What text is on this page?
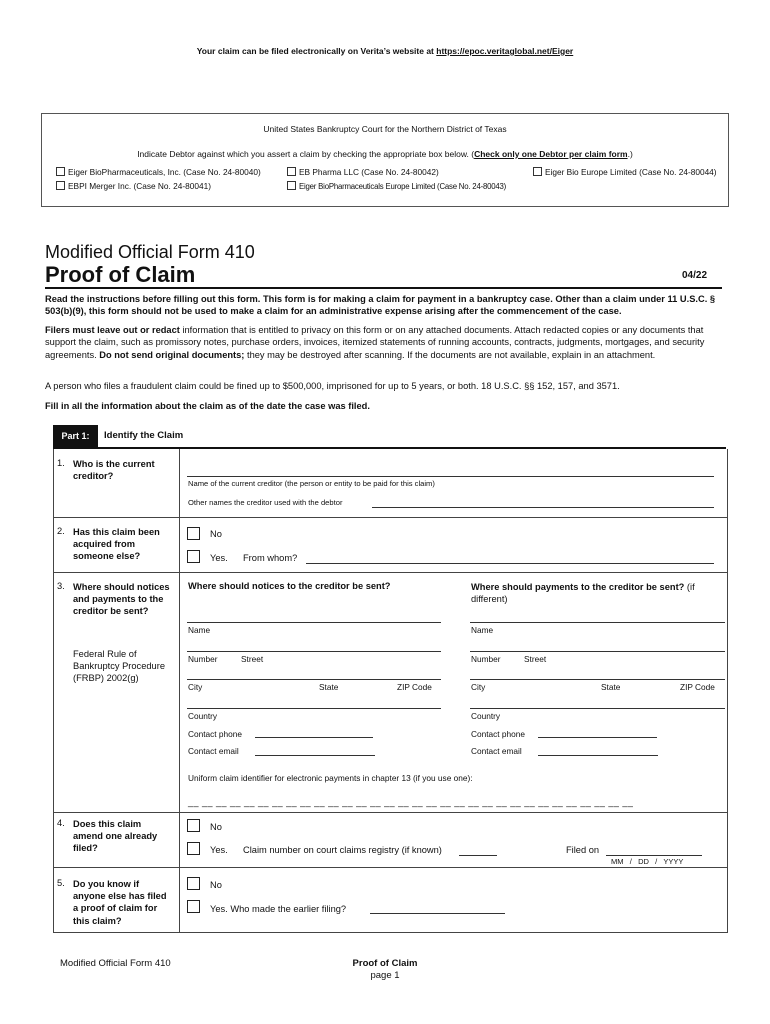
Your claim can be filed electronically on Verita’s website at https://epoc.veritaglobal.net/Eiger
United States Bankruptcy Court for the Northern District of Texas
Indicate Debtor against which you assert a claim by checking the appropriate box below. (Check only one Debtor per claim form.)
Eiger BioPharmaceuticals, Inc. (Case No. 24-80040)	EB Pharma LLC (Case No. 24-80042)	Eiger Bio Europe Limited (Case No. 24-80044)
EBPI Merger Inc. (Case No. 24-80041)	Eiger BioPharmaceuticals Europe Limited (Case No. 24-80043)
Modified Official Form 410
Proof of Claim	04/22
Read the instructions before filling out this form. This form is for making a claim for payment in a bankruptcy case. Other than a claim under 11 U.S.C. § 503(b)(9), this form should not be used to make a claim for an administrative expense arising after the commencement of the case.
Filers must leave out or redact information that is entitled to privacy on this form or on any attached documents. Attach redacted copies or any documents that support the claim, such as promissory notes, purchase orders, invoices, itemized statements of running accounts, contracts, judgments, mortgages, and security agreements. Do not send original documents; they may be destroyed after scanning. If the documents are not available, explain in an attachment.
A person who files a fraudulent claim could be fined up to $500,000, imprisoned for up to 5 years, or both. 18 U.S.C. §§ 152, 157, and 3571.
Fill in all the information about the claim as of the date the case was filed.
Part 1:	Identify the Claim
1. Who is the current creditor?
Name of the current creditor (the person or entity to be paid for this claim)
Other names the creditor used with the debtor
2. Has this claim been acquired from someone else?
No
Yes. From whom?
3. Where should notices and payments to the creditor be sent?
Federal Rule of Bankruptcy Procedure (FRBP) 2002(g)
Where should notices to the creditor be sent?	Where should payments to the creditor be sent? (if different)
Name
Number	Street
City	State	ZIP Code
Country
Contact phone
Contact email
Name
Number	Street
City	State	ZIP Code
Country
Contact phone
Contact email
Uniform claim identifier for electronic payments in chapter 13 (if you use one):
__ __ __ __ __ __ __ __ __ __ __ __ __ __ __ __ __ __ __ __ __ __ __ __ __ __ __ __ __ __ __ __
4. Does this claim amend one already filed?
No
Yes. Claim number on court claims registry (if known)	Filed on
MM   /   DD   /   YYYY
5. Do you know if anyone else has filed a proof of claim for this claim?
No
Yes. Who made the earlier filing?
Modified Official Form 410	Proof of Claim
page 1
